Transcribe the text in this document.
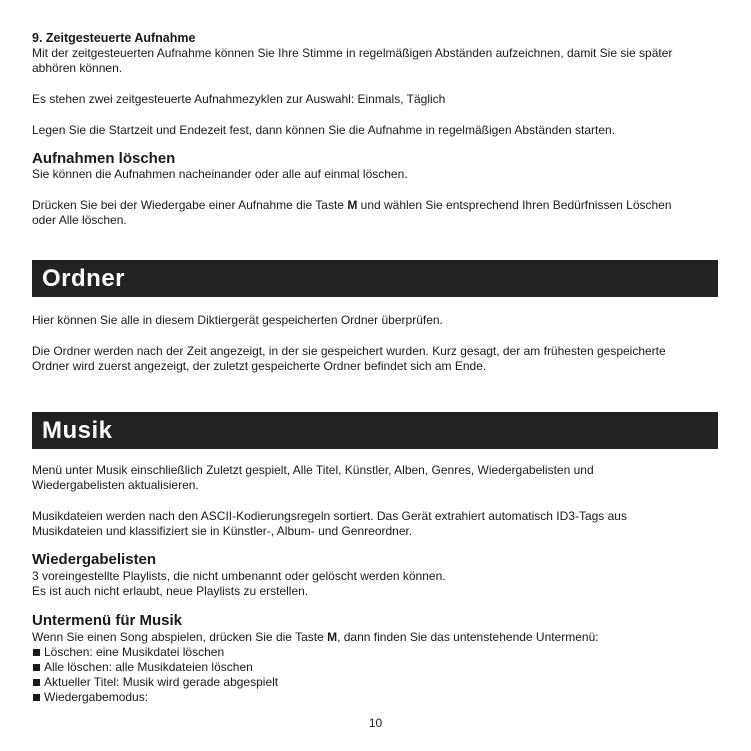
9. Zeitgesteuerte Aufnahme

Mit der zeitgesteuerten Aufnahme können Sie Ihre Stimme in regelmäßigen Abständen aufzeichnen, damit Sie sie später

abhören können.

Es stehen zwei zeitgesteuerte Aufnahmezyklen zur Auswahl: Einmals, Täglich

Legen Sie die Startzeit und Endezeit fest, dann können Sie die Aufnahme in regelmäßigen Abständen starten.

Aufnahmen löschen

Sie können die Aufnahmen nacheinander oder alle auf einmal löschen.

Drücken Sie bei der Wiedergabe einer Aufnahme die Taste M und wählen Sie entsprechend Ihren Bedürfnissen Löschen

oder Alle löschen.

Ordner

Hier können Sie alle in diesem Diktiergerät gespeicherten Ordner überprüfen.

Die Ordner werden nach der Zeit angezeigt, in der sie gespeichert wurden. Kurz gesagt, der am frühesten gespeicherte

Ordner wird zuerst angezeigt, der zuletzt gespeicherte Ordner befindet sich am Ende.

Musik

Menü unter Musik einschließlich Zuletzt gespielt, Alle Titel, Künstler, Alben, Genres, Wiedergabelisten und

Wiedergabelisten aktualisieren.

Musikdateien werden nach den ASCII-Kodierungsregeln sortiert. Das Gerät extrahiert automatisch ID3-Tags aus

Musikdateien und klassifiziert sie in Künstler-, Album- und Genreordner.

Wiedergabelisten

3 voreingestellte Playlists, die nicht umbenannt oder gelöscht werden können.

Es ist auch nicht erlaubt, neue Playlists zu erstellen.

Untermenü für Musik

Wenn Sie einen Song abspielen, drücken Sie die Taste M, dann finden Sie das untenstehende Untermenü:

Löschen: eine Musikdatei löschen
Alle löschen: alle Musikdateien löschen
Aktueller Titel: Musik wird gerade abgespielt
Wiedergabemodus:
10
